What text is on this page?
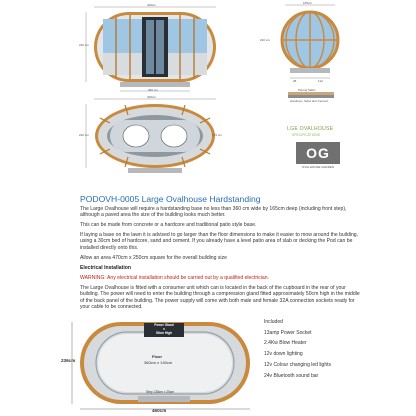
400cm
220 cm
360 cm
165cm
220 cm
38	112
Paving Slabs
Hardcore, Sand and Cement
400cm
220 cm	176 cm
LGE OVALHOUSE
SPECIFICATIONS
OG
OVALHOUSE GARDEN
PODOVH-0005 Large Ovalhouse Hardstanding
The Large Ovalhouse will require a hardstanding base no less than 360 cm wide by 165cm deep (including front step), although a paved area the size of the building looks much better.
This can be made from concrete or a hardcore and traditional patio style base.
If laying a base on the lawn it is advised to go larger than the floor dimensions to make it easier to mow around the building, using a 30cm bed of hardcore, sand and cement. If you already have a level patio area of slab or decking the Pod can be installed directly onto this.
Allow an area 470cm x 250cm square for the overall building size
Electrical Installation
WARNING: Any electrical installation should be carried out by a qualified electrician.
The Large Ovalhouse is fitted with a consumer unit which can is located in the back of the cupboard in the rear of your building. The power will need to enter the building through a compression gland fitted approximately 50cm high in the middle of the back panel of the building. The power supply will come with both male and female 32A connection sockets ready for your cable to be connected.
Power Gland
x
50cm High
Floor
360cm x 140cm
Step 138cm x 25cm
460cm
236cm
Included
13amp Power Socket
2.4Kw Blow Heater
12v down lighting
12v Colour changing led lights
24v Bluetooth sound bar
